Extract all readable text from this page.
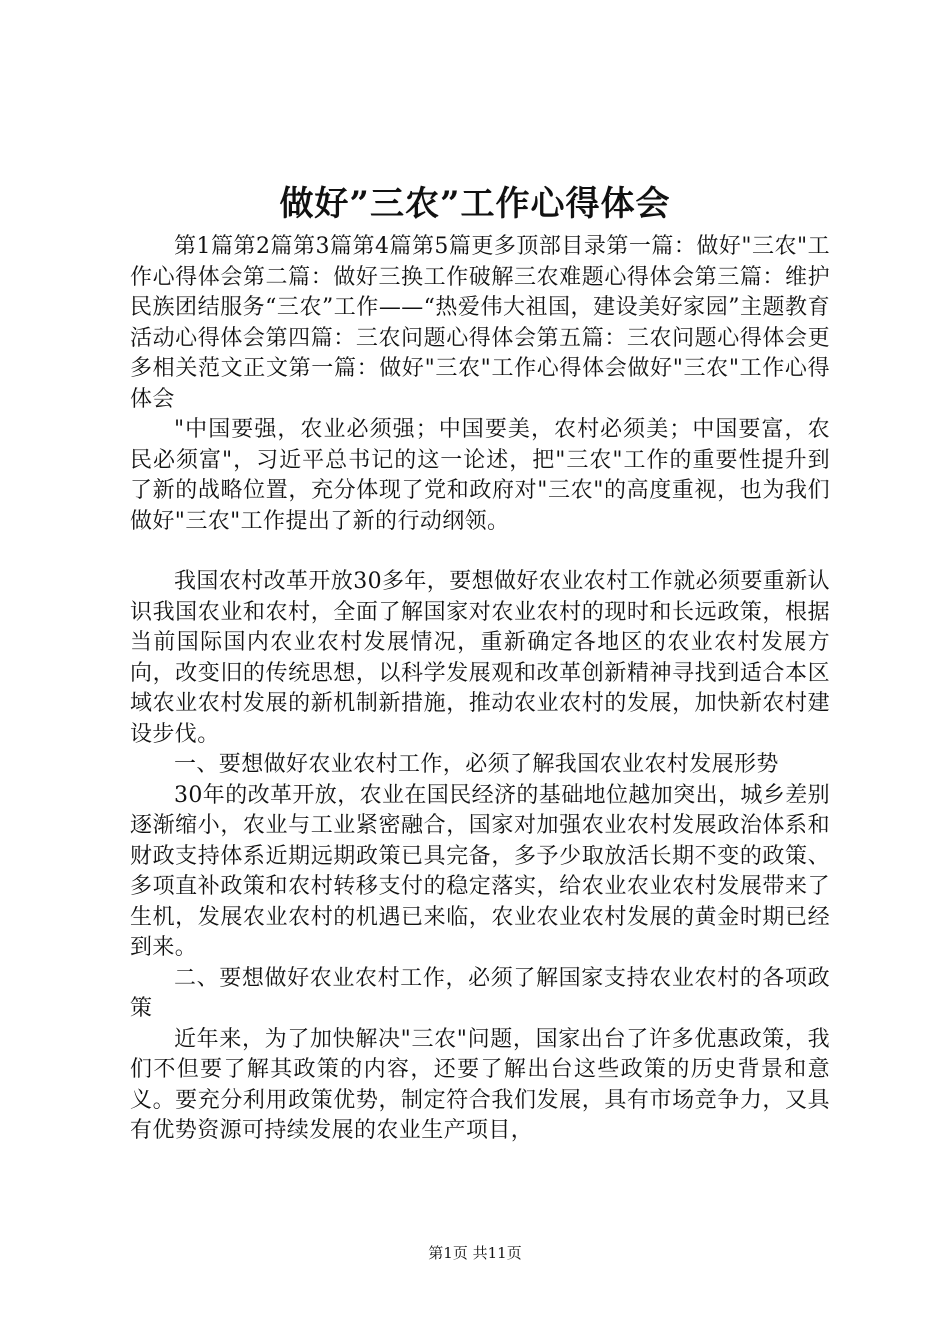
做好”三农”工作心得体会

第1篇第2篇第3篇第4篇第5篇更多顶部目录第一篇：做好"三农"工作心得体会第二篇：做好三换工作破解三农难题心得体会第三篇：维护民族团结服务“三农”工作——“热爱伟大祖国，建设美好家园”主题教育活动心得体会第四篇：三农问题心得体会第五篇：三农问题心得体会更多相关范文正文第一篇：做好"三农"工作心得体会做好"三农"工作心得体会

"中国要强，农业必须强；中国要美，农村必须美；中国要富，农民必须富"，习近平总书记的这一论述，把"三农"工作的重要性提升到了新的战略位置，充分体现了党和政府对"三农"的高度重视，也为我们做好"三农"工作提出了新的行动纲领。

我国农村改革开放30多年，要想做好农业农村工作就必须要重新认识我国农业和农村，全面了解国家对农业农村的现时和长远政策，根据当前国际国内农业农村发展情况，重新确定各地区的农业农村发展方向，改变旧的传统思想，以科学发展观和改革创新精神寻找到适合本区域农业农村发展的新机制新措施，推动农业农村的发展，加快新农村建设步伐。

一、要想做好农业农村工作，必须了解我国农业农村发展形势

30年的改革开放，农业在国民经济的基础地位越加突出，城乡差别逐渐缩小，农业与工业紧密融合，国家对加强农业农村发展政治体系和财政支持体系近期远期政策已具完备，多予少取放活长期不变的政策、多项直补政策和农村转移支付的稳定落实，给农业农业农村发展带来了生机，发展农业农村的机遇已来临，农业农业农村发展的黄金时期已经到来。

二、要想做好农业农村工作，必须了解国家支持农业农村的各项政策

近年来，为了加快解决"三农"问题，国家出台了许多优惠政策，我们不但要了解其政策的内容，还要了解出台这些政策的历史背景和意义。要充分利用政策优势，制定符合我们发展，具有市场竞争力，又具有优势资源可持续发展的农业生产项目，

第1页 共11页
